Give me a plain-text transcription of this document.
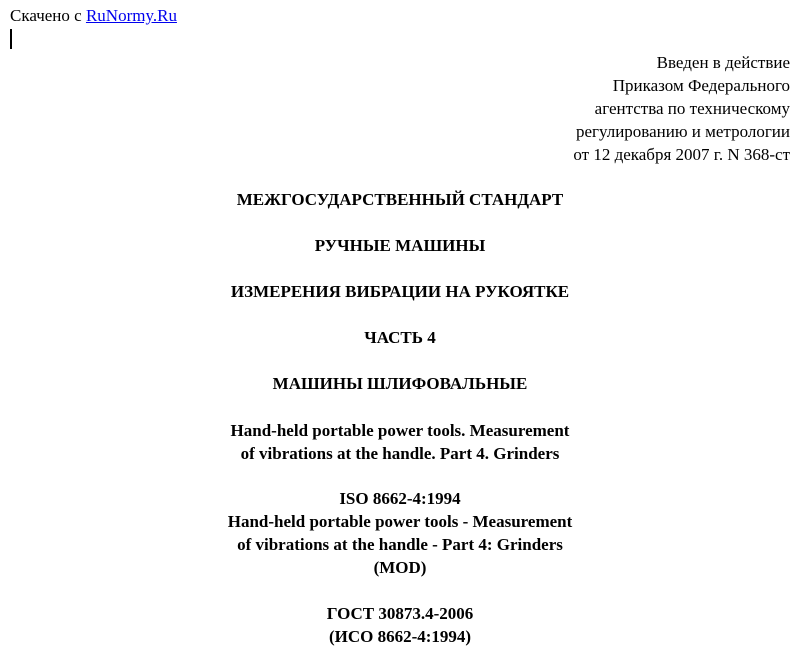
Скачено с RuNormy.Ru
Введен в действие
Приказом Федерального
агентства по техническому
регулированию и метрологии
от 12 декабря 2007 г. N 368-ст
МЕЖГОСУДАРСТВЕННЫЙ СТАНДАРТ
РУЧНЫЕ МАШИНЫ
ИЗМЕРЕНИЯ ВИБРАЦИИ НА РУКОЯТКЕ
ЧАСТЬ 4
МАШИНЫ ШЛИФОВАЛЬНЫЕ
Hand-held portable power tools. Measurement
of vibrations at the handle. Part 4. Grinders
ISO 8662-4:1994
Hand-held portable power tools - Measurement
of vibrations at the handle - Part 4: Grinders
(MOD)
ГОСТ 30873.4-2006
(ИСО 8662-4:1994)
